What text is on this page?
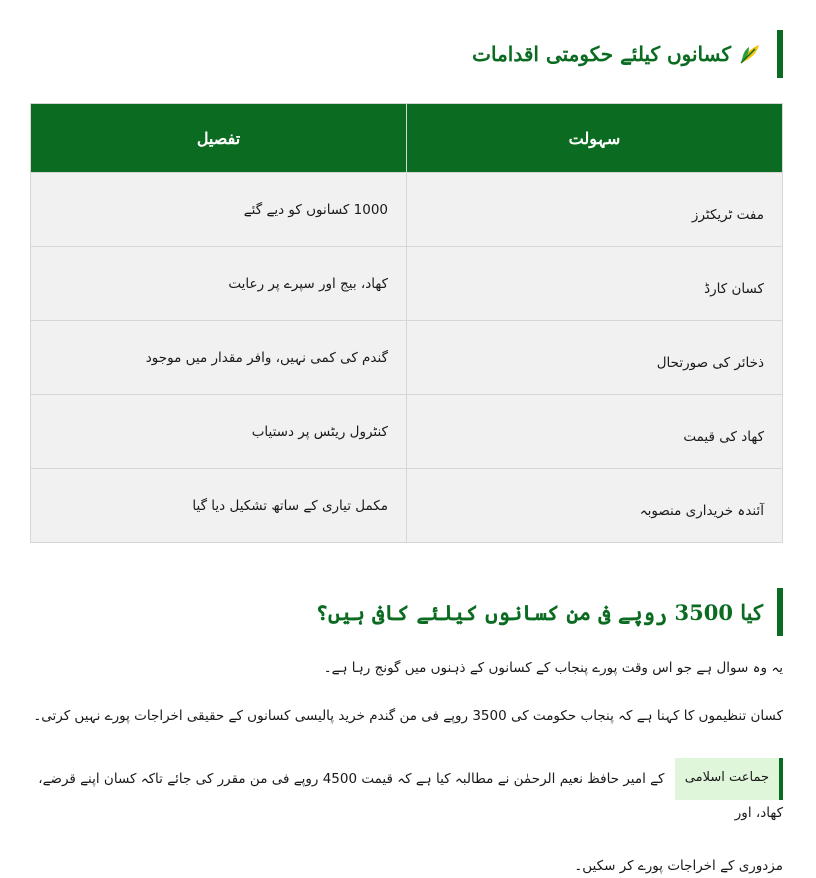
کسانوں کیلئے حکومتی اقدامات
سہولت	تفصیل
مفت ٹریکٹرز	1000 کسانوں کو دیے گئے
کسان کارڈ	کھاد، بیج اور سپرے پر رعایت
ذخائر کی صورتحال	گندم کی کمی نہیں، وافر مقدار میں موجود
کھاد کی قیمت	کنٹرول ریٹس پر دستیاب
آئندہ خریداری منصوبہ	مکمل تیاری کے ساتھ تشکیل دیا گیا
کیا 3500 روپے فی من کسانوں کیلئے کافی ہیں؟

یہ وہ سوال ہے جو اس وقت پورے پنجاب کے کسانوں کے ذہنوں میں گونج رہا ہے۔

کسان تنظیموں کا کہنا ہے کہ پنجاب حکومت کی 3500 روپے فی من گندم خرید پالیسی کسانوں کے حقیقی اخراجات پورے نہیں کرتی۔

جماعت اسلامی کے امیر حافظ نعیم الرحمٰن نے مطالبہ کیا ہے کہ قیمت 4500 روپے فی من مقرر کی جائے تاکہ کسان اپنے قرضے، کھاد، اور

مزدوری کے اخراجات پورے کر سکیں۔
